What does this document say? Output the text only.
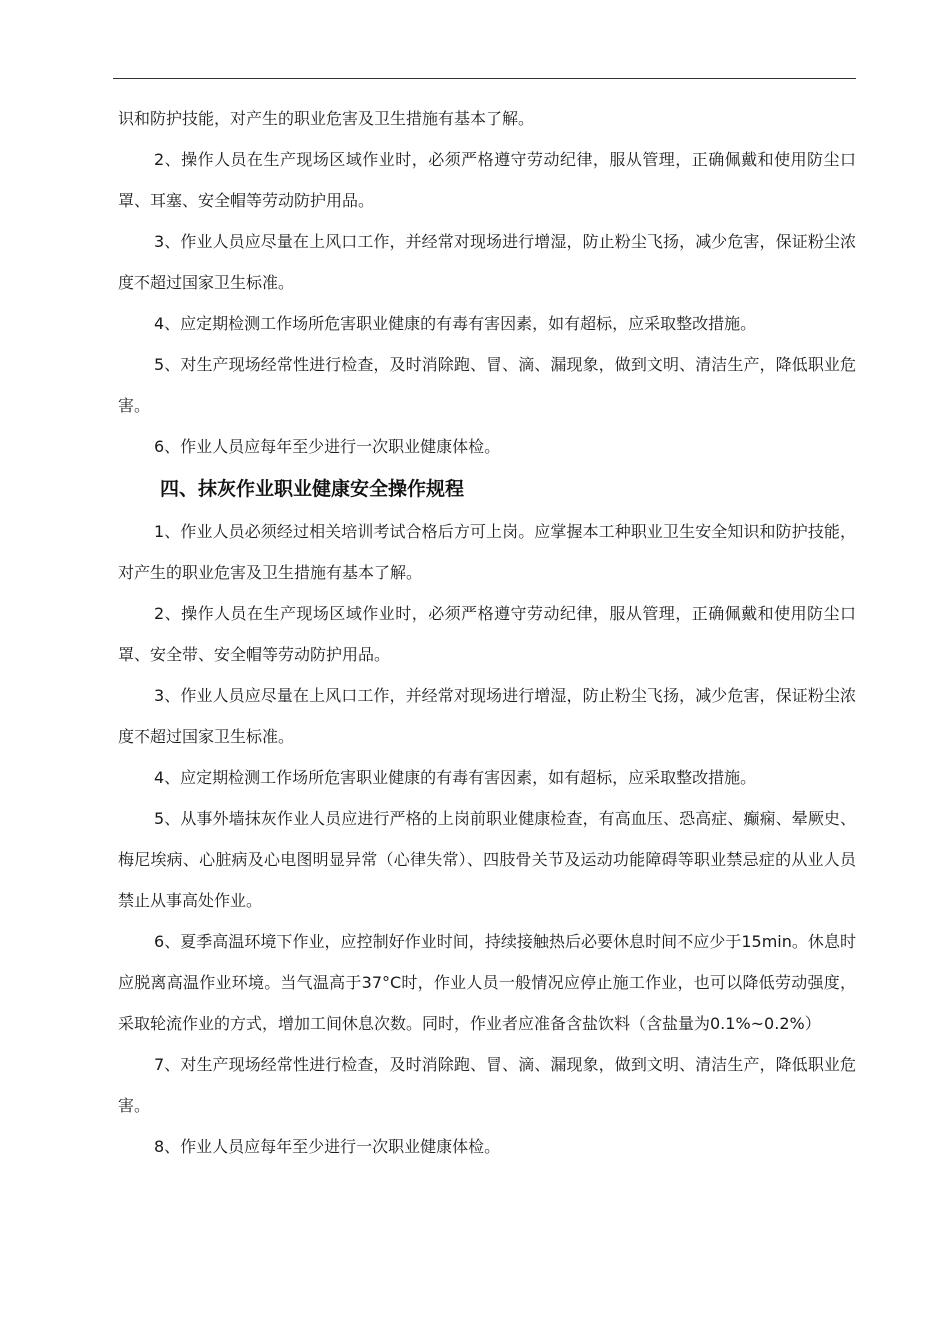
识和防护技能，对产生的职业危害及卫生措施有基本了解。

2、操作人员在生产现场区域作业时，必须严格遵守劳动纪律，服从管理，正确佩戴和使用防尘口罩、耳塞、安全帽等劳动防护用品。

3、作业人员应尽量在上风口工作，并经常对现场进行增湿，防止粉尘飞扬，减少危害，保证粉尘浓度不超过国家卫生标准。

4、应定期检测工作场所危害职业健康的有毒有害因素，如有超标，应采取整改措施。

5、对生产现场经常性进行检查，及时消除跑、冒、滴、漏现象，做到文明、清洁生产，降低职业危害。

6、作业人员应每年至少进行一次职业健康体检。

四、抹灰作业职业健康安全操作规程

1、作业人员必须经过相关培训考试合格后方可上岗。应掌握本工种职业卫生安全知识和防护技能，对产生的职业危害及卫生措施有基本了解。

2、操作人员在生产现场区域作业时，必须严格遵守劳动纪律，服从管理，正确佩戴和使用防尘口罩、安全带、安全帽等劳动防护用品。

3、作业人员应尽量在上风口工作，并经常对现场进行增湿，防止粉尘飞扬，减少危害，保证粉尘浓度不超过国家卫生标准。

4、应定期检测工作场所危害职业健康的有毒有害因素，如有超标，应采取整改措施。

5、从事外墙抹灰作业人员应进行严格的上岗前职业健康检查，有高血压、恐高症、癫痫、晕厥史、梅尼埃病、心脏病及心电图明显异常（心律失常）、四肢骨关节及运动功能障碍等职业禁忌症的从业人员禁止从事高处作业。

6、夏季高温环境下作业，应控制好作业时间，持续接触热后必要休息时间不应少于15min。休息时应脱离高温作业环境。当气温高于37°C时，作业人员一般情况应停止施工作业，也可以降低劳动强度，采取轮流作业的方式，增加工间休息次数。同时，作业者应准备含盐饮料（含盐量为0.1%~0.2%）

7、对生产现场经常性进行检查，及时消除跑、冒、滴、漏现象，做到文明、清洁生产，降低职业危害。

8、作业人员应每年至少进行一次职业健康体检。
